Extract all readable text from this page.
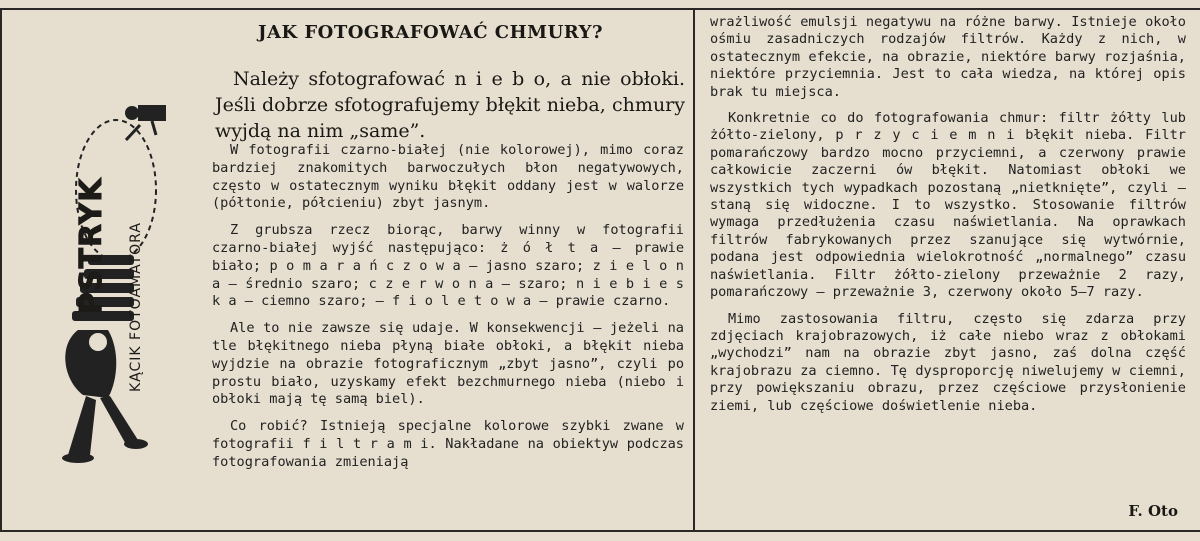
PSTRYK KĄCIK FOTOAMATORA
JAK FOTOGRAFOWAĆ CHMURY?

Należy sfotografować n i e b o, a nie obłoki. Jeśli dobrze sfotografujemy błękit nieba, chmury wyjdą na nim „same”.

W fotografii czarno-białej (nie kolorowej), mimo coraz bardziej znakomitych barwoczułych błon negatywowych, często w ostatecznym wyniku błękit oddany jest w walorze (półtonie, półcieniu) zbyt jasnym.

Z grubsza rzecz biorąc, barwy winny w fotografii czarno-białej wyjść następująco: ż ó ł t a — prawie biało; p o m a r a ń c z o w a — jasno szaro; z i e l o n a — średnio szaro; c z e r w o n a — szaro; n i e b i e s k a — ciemno szaro; — f i o l e t o w a — prawie czarno.

Ale to nie zawsze się udaje. W konsekwencji — jeżeli na tle błękitnego nieba płyną białe obłoki, a błękit nieba wyjdzie na obrazie fotograficznym „zbyt jasno”, czyli po prostu biało, uzyskamy efekt bezchmurnego nieba (niebo i obłoki mają tę samą biel).

Co robić? Istnieją specjalne kolorowe szybki zwane w fotografii f i l t r a m i. Nakładane na obiektyw podczas fotografowania zmieniają

wrażliwość emulsji negatywu na różne barwy. Istnieje około ośmiu zasadniczych rodzajów filtrów. Każdy z nich, w ostatecznym efekcie, na obrazie, niektóre barwy rozjaśnia, niektóre przyciemnia. Jest to cała wiedza, na której opis brak tu miejsca.

Konkretnie co do fotografowania chmur: filtr żółty lub żółto-zielony, p r z y c i e m n i błękit nieba. Filtr pomarańczowy bardzo mocno przyciemni, a czerwony prawie całkowicie zaczerni ów błękit. Natomiast obłoki we wszystkich tych wypadkach pozostaną „nietknięte”, czyli — staną się widoczne. I to wszystko. Stosowanie filtrów wymaga przedłużenia czasu naświetlania. Na oprawkach filtrów fabrykowanych przez szanujące się wytwórnie, podana jest odpowiednia wielokrotność „normalnego” czasu naświetlania. Filtr żółto-zielony przeważnie 2 razy, pomarańczowy — przeważnie 3, czerwony około 5—7 razy.

Mimo zastosowania filtru, często się zdarza przy zdjęciach krajobrazowych, iż całe niebo wraz z obłokami „wychodzi” nam na obrazie zbyt jasno, zaś dolna część krajobrazu za ciemno. Tę dysproporcję niwelujemy w ciemni, przy powiększaniu obrazu, przez częściowe przysłonienie ziemi, lub częściowe doświetlenie nieba.

F. Oto
